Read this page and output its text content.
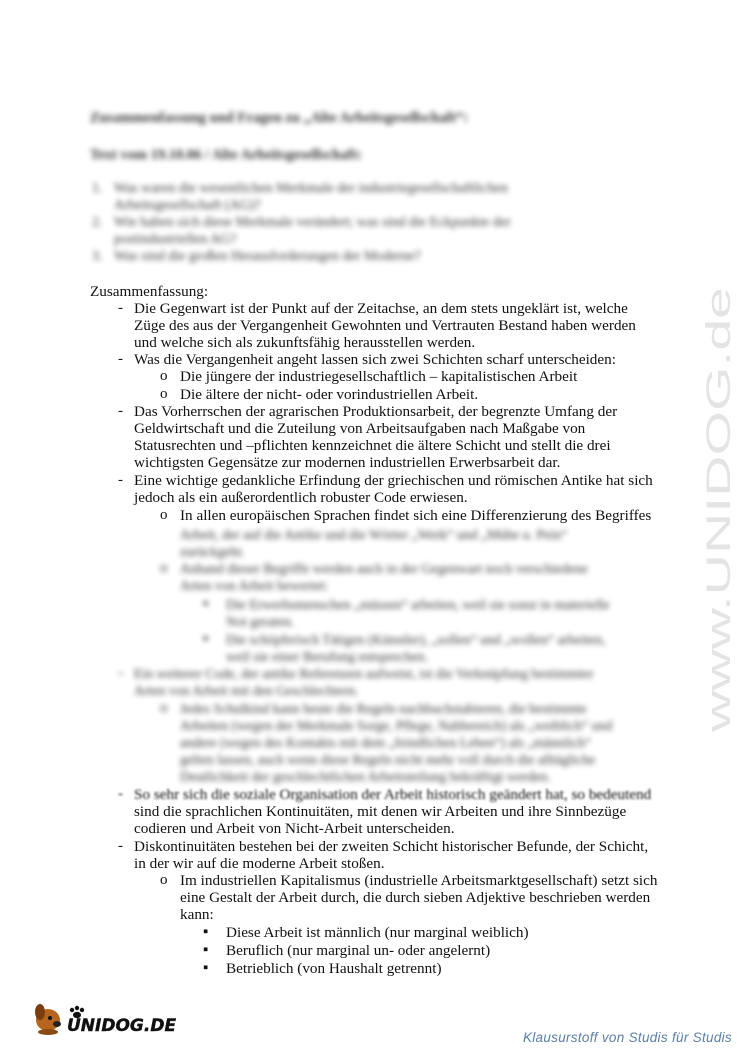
Zusammenfassung und Fragen zu „Alte Arbeitsgesellschaft“:
Text vom 19.10.06 / Alte Arbeitsgesellschaft:
1. Was waren die wesentlichen Merkmale der industriegesellschaftlichen
Arbeitsgesellschaft (AG)?
2. Wie haben sich diese Merkmale verändert; was sind die Eckpunkte der
postindustriellen AG?
3. Was sind die großen Herausforderungen der Moderne?
Zusammenfassung:
- Die Gegenwart ist der Punkt auf der Zeitachse, an dem stets ungeklärt ist, welche
Züge des aus der Vergangenheit Gewohnten und Vertrauten Bestand haben werden
und welche sich als zukunftsfähig herausstellen werden.
- Was die Vergangenheit angeht lassen sich zwei Schichten scharf unterscheiden:
o Die jüngere der industriegesellschaftlich – kapitalistischen Arbeit
o Die ältere der nicht- oder vorindustriellen Arbeit.
- Das Vorherrschen der agrarischen Produktionsarbeit, der begrenzte Umfang der
Geldwirtschaft und die Zuteilung von Arbeitsaufgaben nach Maßgabe von
Statusrechten und –pflichten kennzeichnet die ältere Schicht und stellt die drei
wichtigsten Gegensätze zur modernen industriellen Erwerbsarbeit dar.
- Eine wichtige gedankliche Erfindung der griechischen und römischen Antike hat sich
jedoch als ein außerordentlich robuster Code erwiesen.
o In allen europäischen Sprachen findet sich eine Differenzierung des Begriffes
Arbeit, der auf die Antike und die Wörter „Werk“ und „Mühe u. Pein“
zurückgeht.
o Anhand dieser Begriffe werden auch in der Gegenwart noch verschiedene
Arten von Arbeit bewertet:
▪ Die Erwerbsmenschen „müssen“ arbeiten, weil sie sonst in materielle
Not geraten.
▪ Die schöpferisch Tätigen (Künstler), „sollen“ und „wollen“ arbeiten,
weil sie einer Berufung entsprechen.
- Ein weiterer Code, der antike Referenzen aufweist, ist die Verknüpfung bestimmter
Arten von Arbeit mit den Geschlechtern.
o Jedes Schulkind kann heute die Regeln nachbuchstabieren, die bestimmte
Arbeiten (wegen der Merkmale Sorge, Pflege, Nahbereich) als „weiblich“ und
andere (wegen des Kontakts mit dem „feindlichen Leben“) als „männlich“
gelten lassen, auch wenn diese Regeln nicht mehr voll durch die alltägliche
Deutlichkeit der geschlechtlichen Arbeitsteilung bekräftigt werden.
- So sehr sich die soziale Organisation der Arbeit historisch geändert hat, so bedeutend
sind die sprachlichen Kontinuitäten, mit denen wir Arbeiten und ihre Sinnbezüge
codieren und Arbeit von Nicht-Arbeit unterscheiden.
- Diskontinuitäten bestehen bei der zweiten Schicht historischer Befunde, der Schicht,
in der wir auf die moderne Arbeit stoßen.
o Im industriellen Kapitalismus (industrielle Arbeitsmarktgesellschaft) setzt sich
eine Gestalt der Arbeit durch, die durch sieben Adjektive beschrieben werden
kann:
▪ Diese Arbeit ist männlich (nur marginal weiblich)
▪ Beruflich (nur marginal un- oder angelernt)
▪ Betrieblich (von Haushalt getrennt)
www.UNIDOG.de
UNIDOG.DE
Klausurstoff von Studis für Studis
